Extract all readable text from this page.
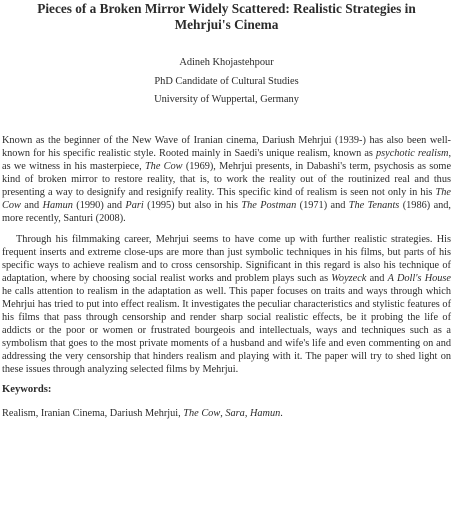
Pieces of a Broken Mirror Widely Scattered: Realistic Strategies in Mehrjui's Cinema
Adineh Khojastehpour
PhD Candidate of Cultural Studies
University of Wuppertal, Germany

Known as the beginner of the New Wave of Iranian cinema, Dariush Mehrjui (1939-) has also been well-known for his specific realistic style. Rooted mainly in Saedi's unique realism, known as psychotic realism, as we witness in his masterpiece, The Cow (1969), Mehrjui presents, in Dabashi's term, psychosis as some kind of broken mirror to restore reality, that is, to work the reality out of the routinized real and thus presenting a way to designify and resignify reality. This specific kind of realism is seen not only in his The Cow and Hamun (1990) and Pari (1995) but also in his The Postman (1971) and The Tenants (1986) and, more recently, Santuri (2008).

Through his filmmaking career, Mehrjui seems to have come up with further realistic strategies. His frequent inserts and extreme close-ups are more than just symbolic techniques in his films, but parts of his specific ways to achieve realism and to cross censorship. Significant in this regard is also his technique of adaptation, where by choosing social realist works and problem plays such as Woyzeck and A Doll's House he calls attention to realism in the adaptation as well. This paper focuses on traits and ways through which Mehrjui has tried to put into effect realism. It investigates the peculiar characteristics and stylistic features of his films that pass through censorship and render sharp social realistic effects, be it probing the life of addicts or the poor or women or frustrated bourgeois and intellectuals, ways and techniques such as a symbolism that goes to the most private moments of a husband and wife's life and even commenting on and addressing the very censorship that hinders realism and playing with it. The paper will try to shed light on these issues through analyzing selected films by Mehrjui.

Keywords:
Realism, Iranian Cinema, Dariush Mehrjui, The Cow, Sara, Hamun.
